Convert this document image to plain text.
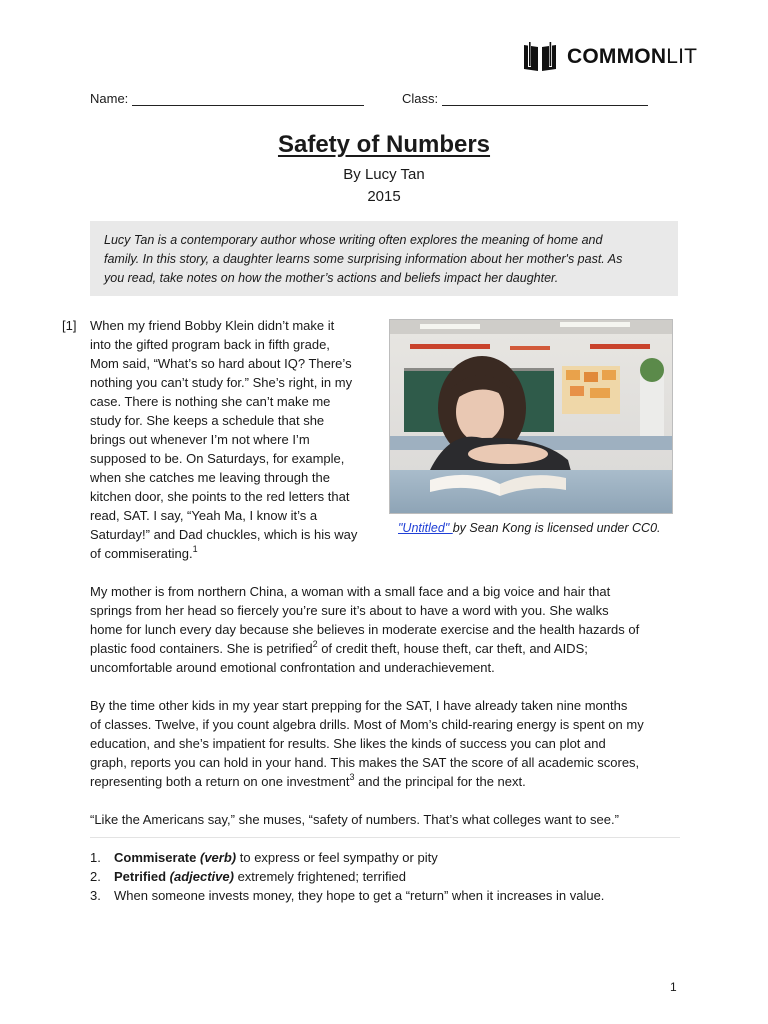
COMMONLIT
Name:	Class:
Safety of Numbers
By Lucy Tan
2015
Lucy Tan is a contemporary author whose writing often explores the meaning of home and
family. In this story, a daughter learns some surprising information about her mother's past. As
you read, take notes on how the mother’s actions and beliefs impact her daughter.
[1] When my friend Bobby Klein didn’t make it
into the gifted program back in fifth grade,
Mom said, “What’s so hard about IQ? There’s
nothing you can’t study for.” She’s right, in my
case. There is nothing she can’t make me
study for. She keeps a schedule that she
brings out whenever I’m not where I’m
supposed to be. On Saturdays, for example,
when she catches me leaving through the
kitchen door, she points to the red letters that
read, SAT. I say, “Yeah Ma, I know it’s a
Saturday!” and Dad chuckles, which is his way
of commiserating.$^1$
"Untitled" by Sean Kong is licensed under CC0.
My mother is from northern China, a woman with a small face and a big voice and hair that
springs from her head so fiercely you’re sure it’s about to have a word with you. She walks
home for lunch every day because she believes in moderate exercise and the health hazards of
plastic food containers. She is petrified$^2$ of credit theft, house theft, car theft, and AIDS;
uncomfortable around emotional confrontation and underachievement.
By the time other kids in my year start prepping for the SAT, I have already taken nine months
of classes. Twelve, if you count algebra drills. Most of Mom’s child-rearing energy is spent on my
education, and she’s impatient for results. She likes the kinds of success you can plot and
graph, reports you can hold in your hand. This makes the SAT the score of all academic scores,
representing both a return on one investment$^3$ and the principal for the next.
“Like the Americans say,” she muses, “safety of numbers. That’s what colleges want to see.”
1.	Commiserate (verb) to express or feel sympathy or pity
2.	Petrified (adjective) extremely frightened; terrified
3.	When someone invests money, they hope to get a “return” when it increases in value.
1
